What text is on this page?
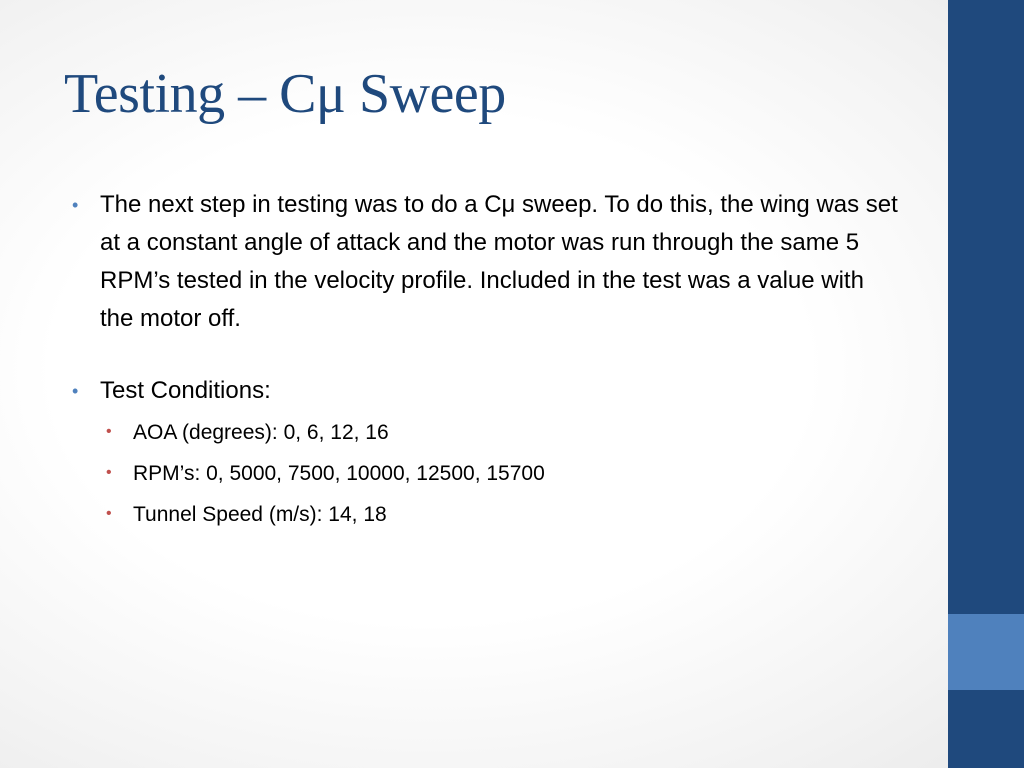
Testing – Cμ Sweep
• The next step in testing was to do a Cμ sweep. To do this, the wing was set at a constant angle of attack and the motor was run through the same 5 RPM’s tested in the velocity profile. Included in the test was a value with the motor off.
• Test Conditions:
• AOA (degrees): 0, 6, 12, 16
• RPM’s: 0, 5000, 7500, 10000, 12500, 15700
• Tunnel Speed (m/s): 14, 18
